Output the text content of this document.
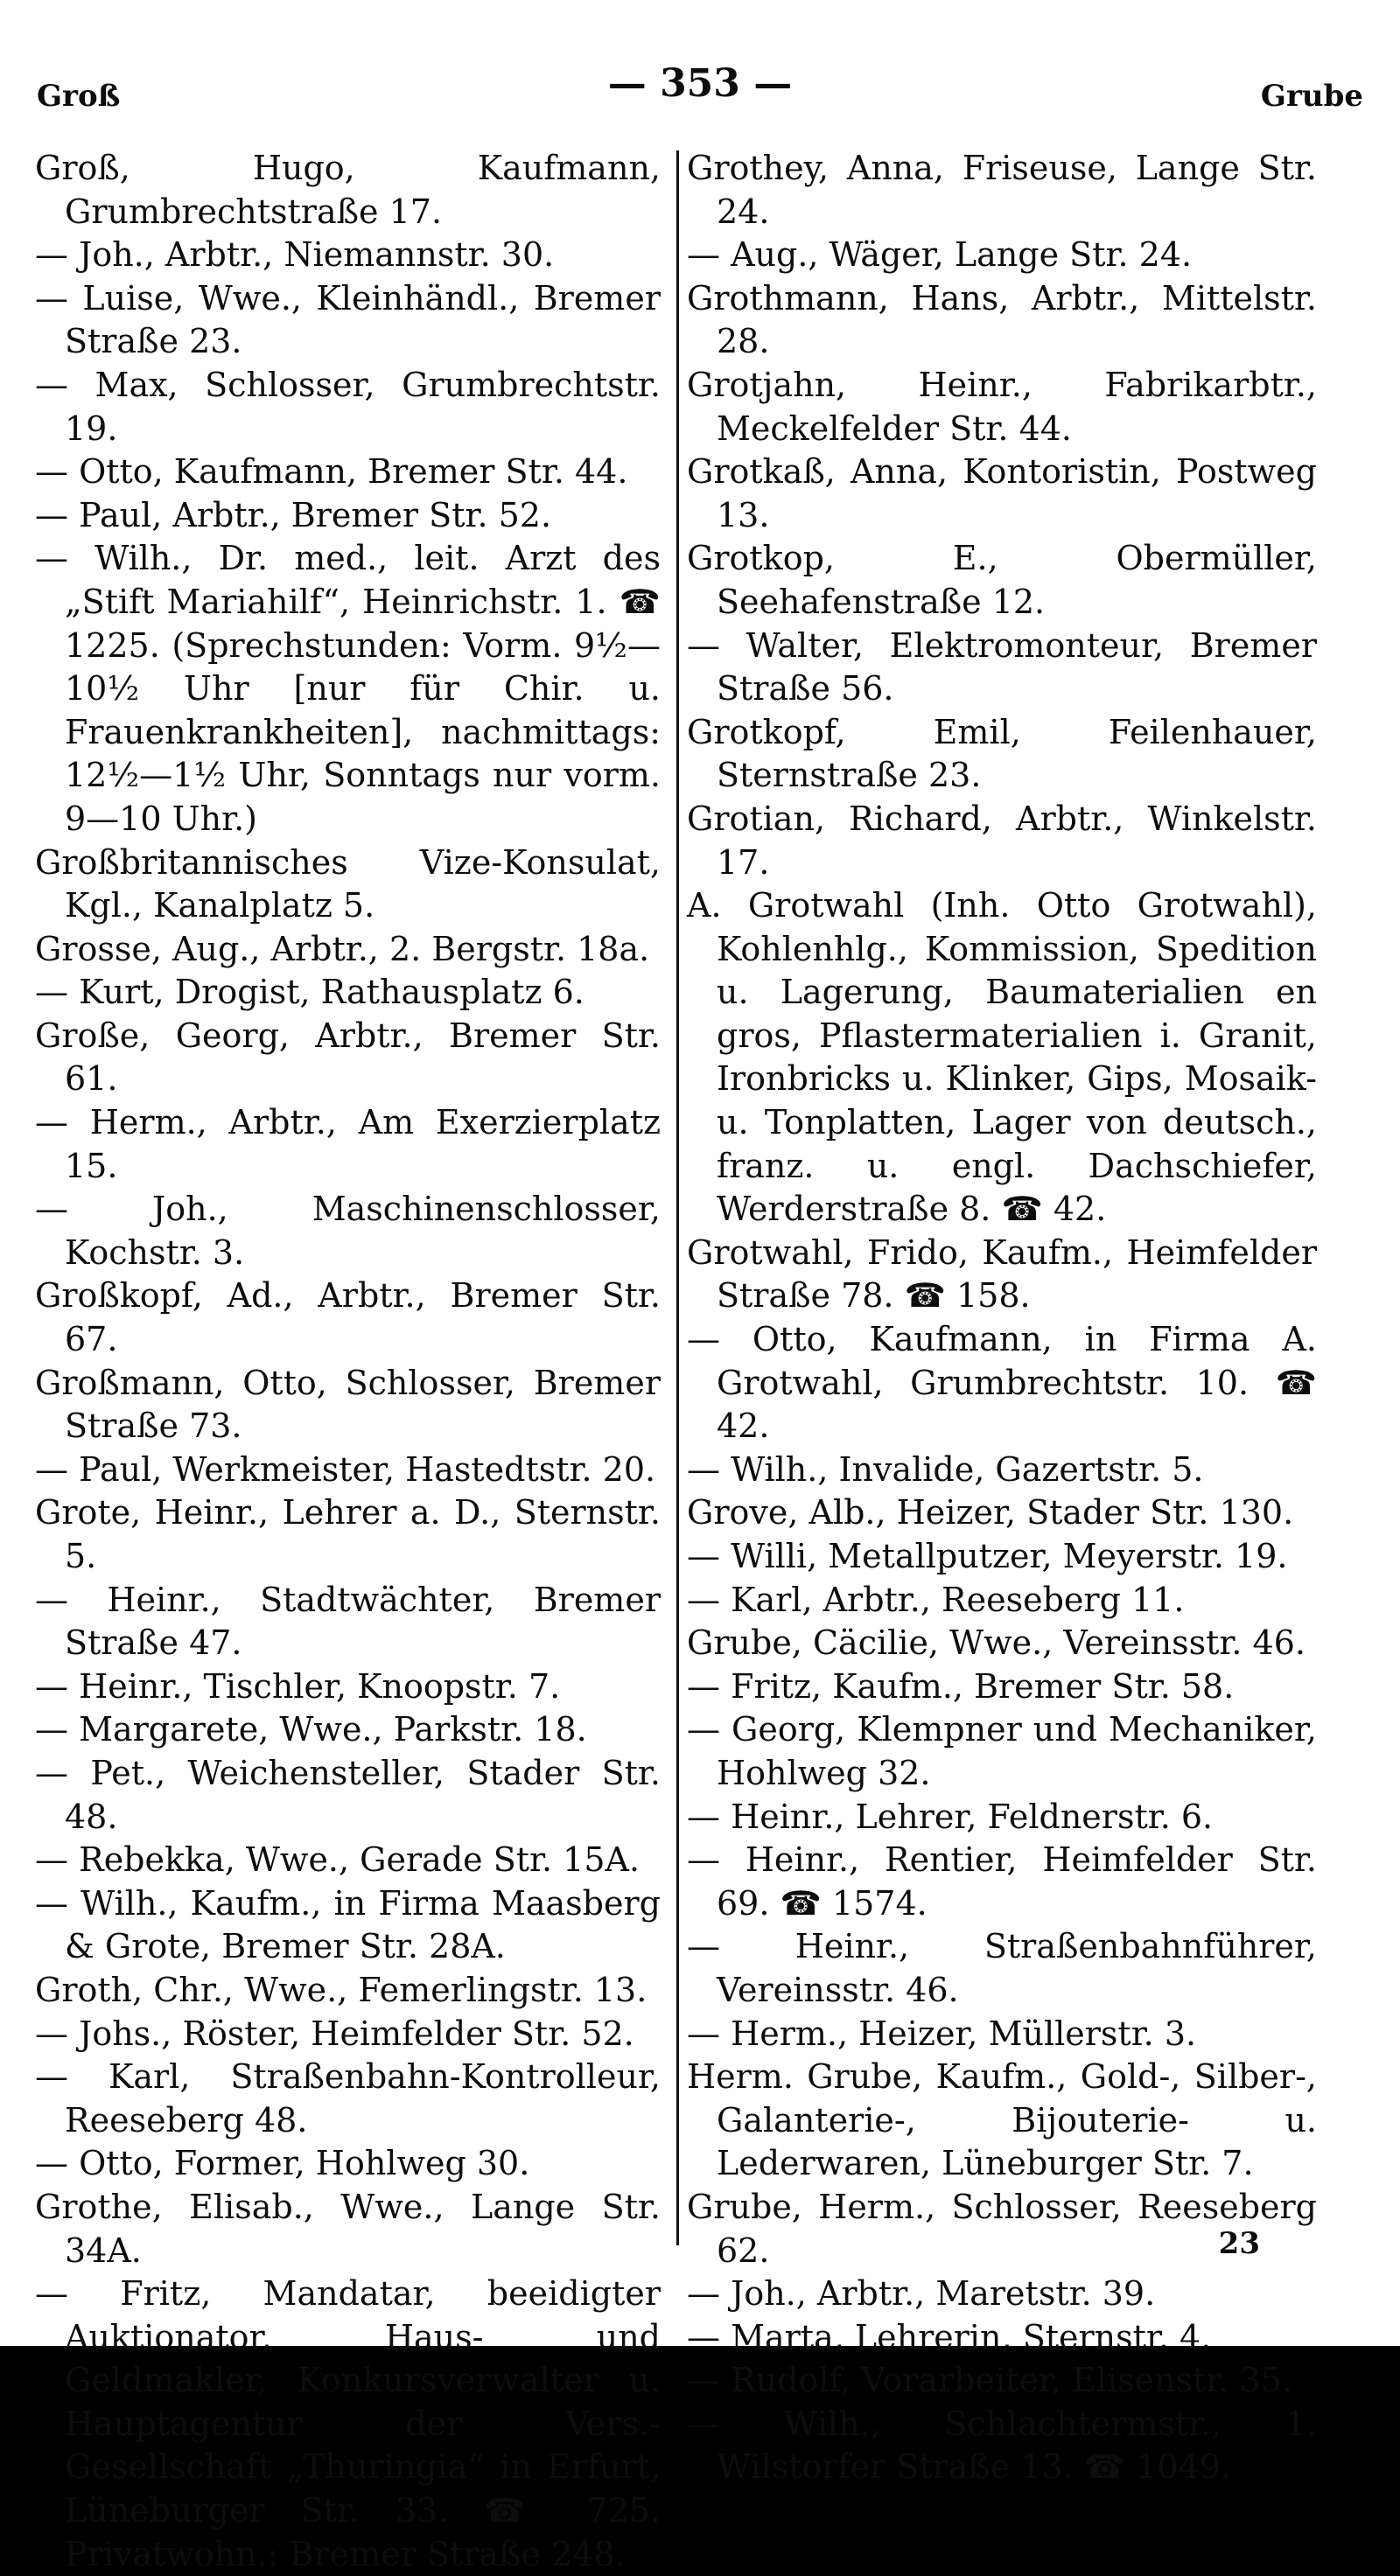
Groß	— 353 —	Grube
Groß, Hugo, Kaufmann, Grumbrechtstraße 17.
— Joh., Arbtr., Niemannstr. 30.
— Luise, Wwe., Kleinhändl., Bremer Straße 23.
— Max, Schlosser, Grumbrechtstr. 19.
— Otto, Kaufmann, Bremer Str. 44.
— Paul, Arbtr., Bremer Str. 52.
— Wilh., Dr. med., leit. Arzt des „Stift Mariahilf“, Heinrichstr. 1. ☎ 1225. (Sprechstunden: Vorm. 9½—10½ Uhr [nur für Chir. u. Frauenkrankheiten], nachmittags: 12½—1½ Uhr, Sonntags nur vorm. 9—10 Uhr.)
Großbritannisches Vize-Konsulat, Kgl., Kanalplatz 5.
Grosse, Aug., Arbtr., 2. Bergstr. 18a.
— Kurt, Drogist, Rathausplatz 6.
Große, Georg, Arbtr., Bremer Str. 61.
— Herm., Arbtr., Am Exerzierplatz 15.
— Joh., Maschinenschlosser, Kochstr. 3.
Großkopf, Ad., Arbtr., Bremer Str. 67.
Großmann, Otto, Schlosser, Bremer Straße 73.
— Paul, Werkmeister, Hastedtstr. 20.
Grote, Heinr., Lehrer a. D., Sternstr. 5.
— Heinr., Stadtwächter, Bremer Straße 47.
— Heinr., Tischler, Knoopstr. 7.
— Margarete, Wwe., Parkstr. 18.
— Pet., Weichensteller, Stader Str. 48.
— Rebekka, Wwe., Gerade Str. 15A.
— Wilh., Kaufm., in Firma Maasberg & Grote, Bremer Str. 28A.
Groth, Chr., Wwe., Femerlingstr. 13.
— Johs., Röster, Heimfelder Str. 52.
— Karl, Straßenbahn-Kontrolleur, Reeseberg 48.
— Otto, Former, Hohlweg 30.
Grothe, Elisab., Wwe., Lange Str. 34A.
— Fritz, Mandatar, beeidigter Auktionator, Haus- und Geldmakler, Konkursverwalter u. Hauptagentur der Vers.-Gesellschaft „Thuringia“ in Erfurt, Lüneburger Str. 33. ☎ 725. Privatwohn.: Bremer Straße 248.
Grothey, Anna, Friseuse, Lange Str. 24.
— Aug., Wäger, Lange Str. 24.
Grothmann, Hans, Arbtr., Mittelstr. 28.
Grotjahn, Heinr., Fabrikarbtr., Meckelfelder Str. 44.
Grotkaß, Anna, Kontoristin, Postweg 13.
Grotkop, E., Obermüller, Seehafenstraße 12.
— Walter, Elektromonteur, Bremer Straße 56.
Grotkopf, Emil, Feilenhauer, Sternstraße 23.
Grotian, Richard, Arbtr., Winkelstr. 17.
A. Grotwahl (Inh. Otto Grotwahl), Kohlenhlg., Kommission, Spedition u. Lagerung, Baumaterialien en gros, Pflastermaterialien i. Granit, Ironbricks u. Klinker, Gips, Mosaik- u. Tonplatten, Lager von deutsch., franz. u. engl. Dachschiefer, Werderstraße 8. ☎ 42.
Grotwahl, Frido, Kaufm., Heimfelder Straße 78. ☎ 158.
— Otto, Kaufmann, in Firma A. Grotwahl, Grumbrechtstr. 10. ☎ 42.
— Wilh., Invalide, Gazertstr. 5.
Grove, Alb., Heizer, Stader Str. 130.
— Willi, Metallputzer, Meyerstr. 19.
— Karl, Arbtr., Reeseberg 11.
Grube, Cäcilie, Wwe., Vereinsstr. 46.
— Fritz, Kaufm., Bremer Str. 58.
— Georg, Klempner und Mechaniker, Hohlweg 32.
— Heinr., Lehrer, Feldnerstr. 6.
— Heinr., Rentier, Heimfelder Str. 69. ☎ 1574.
— Heinr., Straßenbahnführer, Vereinsstr. 46.
— Herm., Heizer, Müllerstr. 3.
Herm. Grube, Kaufm., Gold-, Silber-, Galanterie-, Bijouterie- u. Lederwaren, Lüneburger Str. 7.
Grube, Herm., Schlosser, Reeseberg 62.
— Joh., Arbtr., Maretstr. 39.
— Marta, Lehrerin, Sternstr. 4.
— Rudolf, Vorarbeiter, Elisenstr. 35.
— Wilh., Schlachtermstr., 1. Wilstorfer Straße 13. ☎ 1049.
23
